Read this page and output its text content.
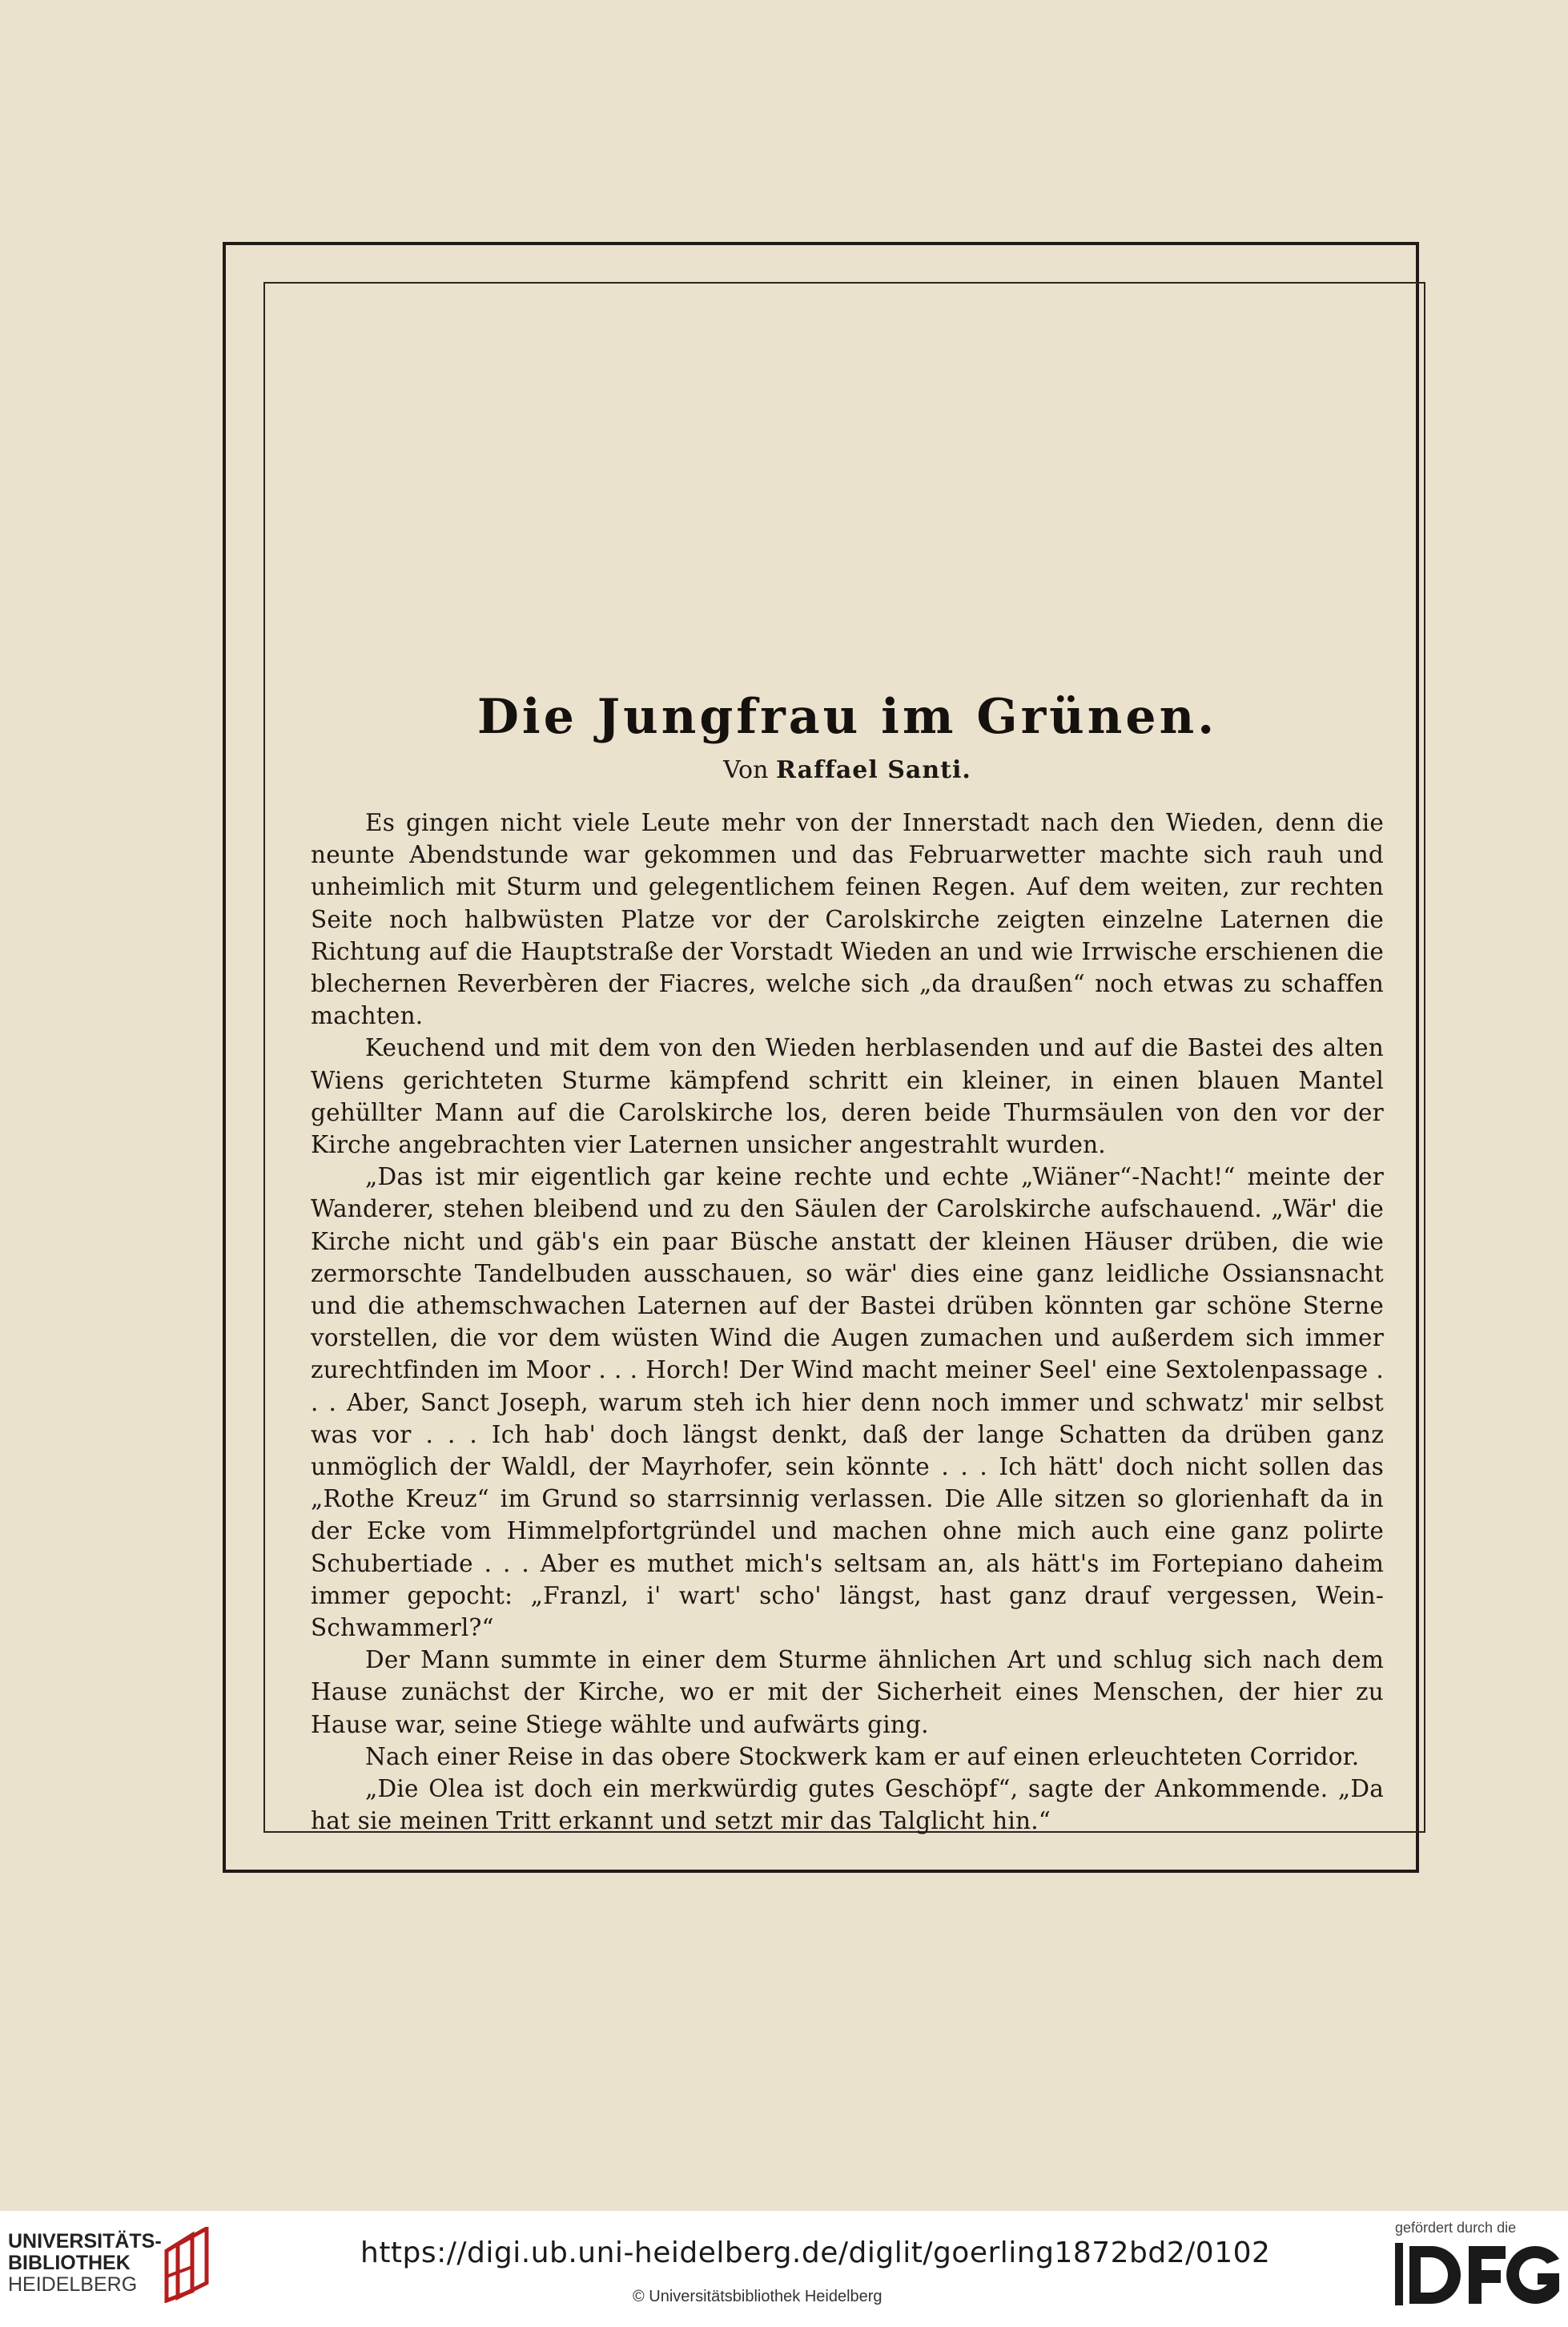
Die Jungfrau im Grünen.
Von Raffael Santi.

Es gingen nicht viele Leute mehr von der Innerstadt nach den Wieden, denn die neunte Abendstunde war gekommen und das Februarwetter machte sich rauh und unheimlich mit Sturm und gelegentlichem feinen Regen. Auf dem weiten, zur rechten Seite noch halbwüsten Platze vor der Carolskirche zeigten einzelne Laternen die Richtung auf die Hauptstraße der Vorstadt Wieden an und wie Irrwische erschienen die blechernen Reverbèren der Fiacres, welche sich „da draußen“ noch etwas zu schaffen machten.

Keuchend und mit dem von den Wieden herblasenden und auf die Bastei des alten Wiens gerichteten Sturme kämpfend schritt ein kleiner, in einen blauen Mantel gehüllter Mann auf die Carolskirche los, deren beide Thurmsäulen von den vor der Kirche angebrachten vier Laternen unsicher angestrahlt wurden.

„Das ist mir eigentlich gar keine rechte und echte „Wiäner“-Nacht!“ meinte der Wanderer, stehen bleibend und zu den Säulen der Carolskirche aufschauend. „Wär' die Kirche nicht und gäb's ein paar Büsche anstatt der kleinen Häuser drüben, die wie zermorschte Tandelbuden ausschauen, so wär' dies eine ganz leidliche Ossiansnacht und die athemschwachen Laternen auf der Bastei drüben könnten gar schöne Sterne vorstellen, die vor dem wüsten Wind die Augen zumachen und außerdem sich immer zurechtfinden im Moor . . . Horch! Der Wind macht meiner Seel' eine Sextolenpassage . . . Aber, Sanct Joseph, warum steh ich hier denn noch immer und schwatz' mir selbst was vor . . . Ich hab' doch längst denkt, daß der lange Schatten da drüben ganz unmöglich der Waldl, der Mayrhofer, sein könnte . . . Ich hätt' doch nicht sollen das „Rothe Kreuz“ im Grund so starrsinnig verlassen. Die Alle sitzen so glorienhaft da in der Ecke vom Himmelpfortgründel und machen ohne mich auch eine ganz polirte Schubertiade . . . Aber es muthet mich's seltsam an, als hätt's im Fortepiano daheim immer gepocht: „Franzl, i' wart' scho' längst, hast ganz drauf vergessen, Wein-Schwammerl?“

Der Mann summte in einer dem Sturme ähnlichen Art und schlug sich nach dem Hause zunächst der Kirche, wo er mit der Sicherheit eines Menschen, der hier zu Hause war, seine Stiege wählte und aufwärts ging.

Nach einer Reise in das obere Stockwerk kam er auf einen erleuchteten Corridor.

„Die Olea ist doch ein merkwürdig gutes Geschöpf“, sagte der Ankommende. „Da hat sie meinen Tritt erkannt und setzt mir das Talglicht hin.“

UNIVERSITÄTS-
BIBLIOTHEK
HEIDELBERG
https://digi.ub.uni-heidelberg.de/diglit/goerling1872bd2/0102
© Universitätsbibliothek Heidelberg
gefördert durch die
